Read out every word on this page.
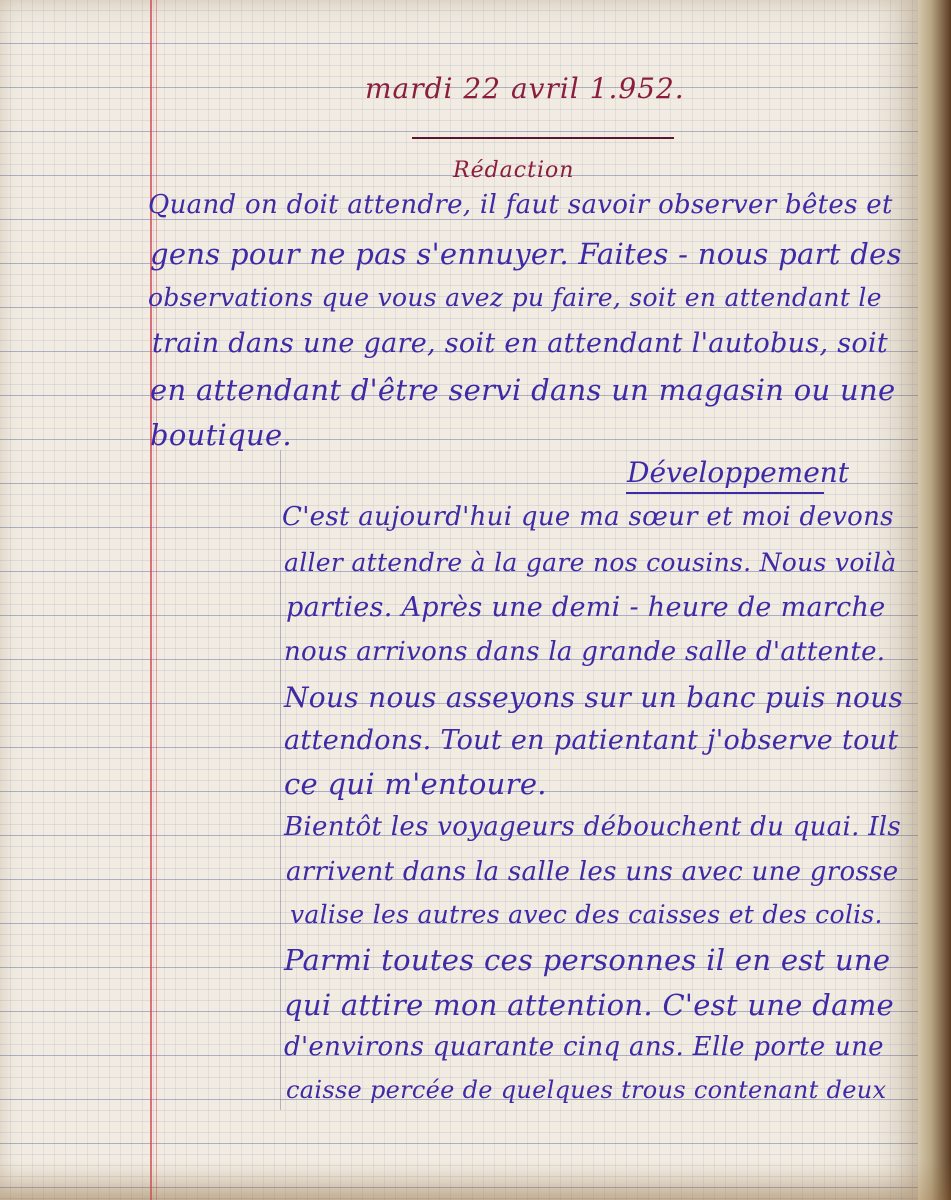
mardi 22 avril 1.952.

Rédaction

Quand on doit attendre, il faut savoir observer bêtes et

gens pour ne pas s'ennuyer. Faites - nous part des

observations que vous avez pu faire, soit en attendant le

train dans une gare, soit en attendant l'autobus, soit

en attendant d'être servi dans un magasin ou une

boutique.

Développement

C'est aujourd'hui que ma sœur et moi devons

aller attendre à la gare nos cousins. Nous voilà

parties. Après une demi - heure de marche

nous arrivons dans la grande salle d'attente.

Nous nous asseyons sur un banc puis nous

attendons. Tout en patientant j'observe tout

ce qui m'entoure.

Bientôt les voyageurs débouchent du quai. Ils

arrivent dans la salle les uns avec une grosse

valise les autres avec des caisses et des colis.

Parmi toutes ces personnes il en est une

qui attire mon attention. C'est une dame

d'environs quarante cinq ans. Elle porte une

caisse percée de quelques trous contenant deux
